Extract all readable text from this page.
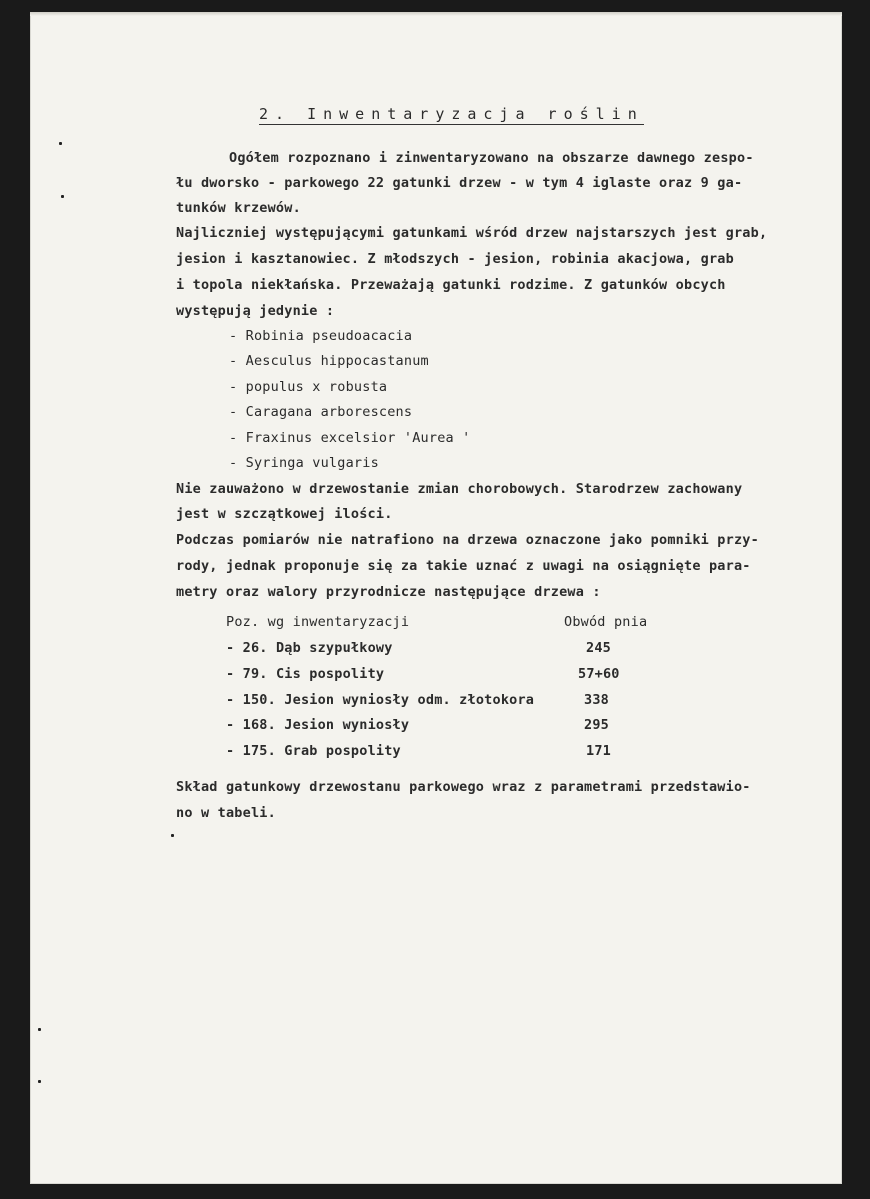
2. Inwentaryzacja roślin
Ogółem rozpoznano i zinwentaryzowano na obszarze dawnego zespo-
łu dworsko - parkowego 22 gatunki drzew - w tym 4 iglaste oraz 9 ga-
tunków krzewów.
Najliczniej występującymi gatunkami wśród drzew najstarszych jest grab,
jesion i kasztanowiec. Z młodszych - jesion, robinia akacjowa, grab
i topola niekłańska. Przeważają gatunki rodzime. Z gatunków obcych
występują jedynie :
- Robinia pseudoacacia
- Aesculus hippocastanum
- populus x robusta
- Caragana arborescens
- Fraxinus excelsior 'Aurea '
- Syringa vulgaris
Nie zauważono w drzewostanie zmian chorobowych. Starodrzew zachowany
jest w szczątkowej ilości.
Podczas pomiarów nie natrafiono na drzewa oznaczone jako pomniki przy-
rody, jednak proponuje się za takie uznać z uwagi na osiągnięte para-
metry oraz walory przyrodnicze następujące drzewa :
Poz. wg inwentaryzacji	Obwód pnia
- 26. Dąb szypułkowy	245
- 79. Cis pospolity	57+60
- 150. Jesion wyniosły odm. złotokora	338
- 168. Jesion wyniosły	295
- 175. Grab pospolity	171
Skład gatunkowy drzewostanu parkowego wraz z parametrami przedstawio-
no w tabeli.
